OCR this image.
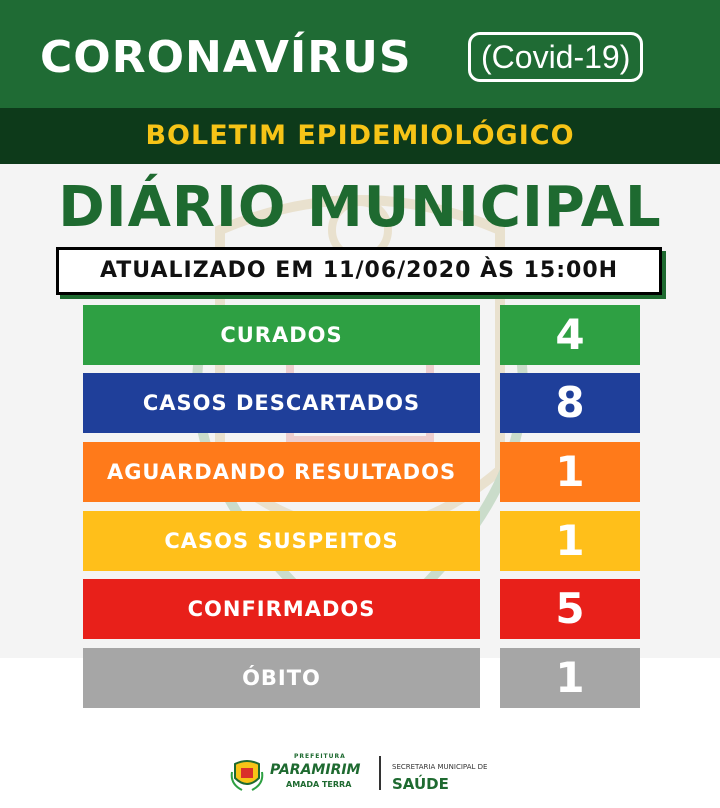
CORONAVÍRUS	(Covid-19)
BOLETIM EPIDEMIOLÓGICO
DIÁRIO MUNICIPAL
ATUALIZADO EM 11/06/2020 ÀS 15:00H
CURADOS	4
CASOS DESCARTADOS	8
AGUARDANDO RESULTADOS	1
CASOS SUSPEITOS	1
CONFIRMADOS	5
ÓBITO	1
PREFEITURA
PARAMIRIM
AMADA TERRA
SECRETARIA MUNICIPAL DE
SAÚDE
